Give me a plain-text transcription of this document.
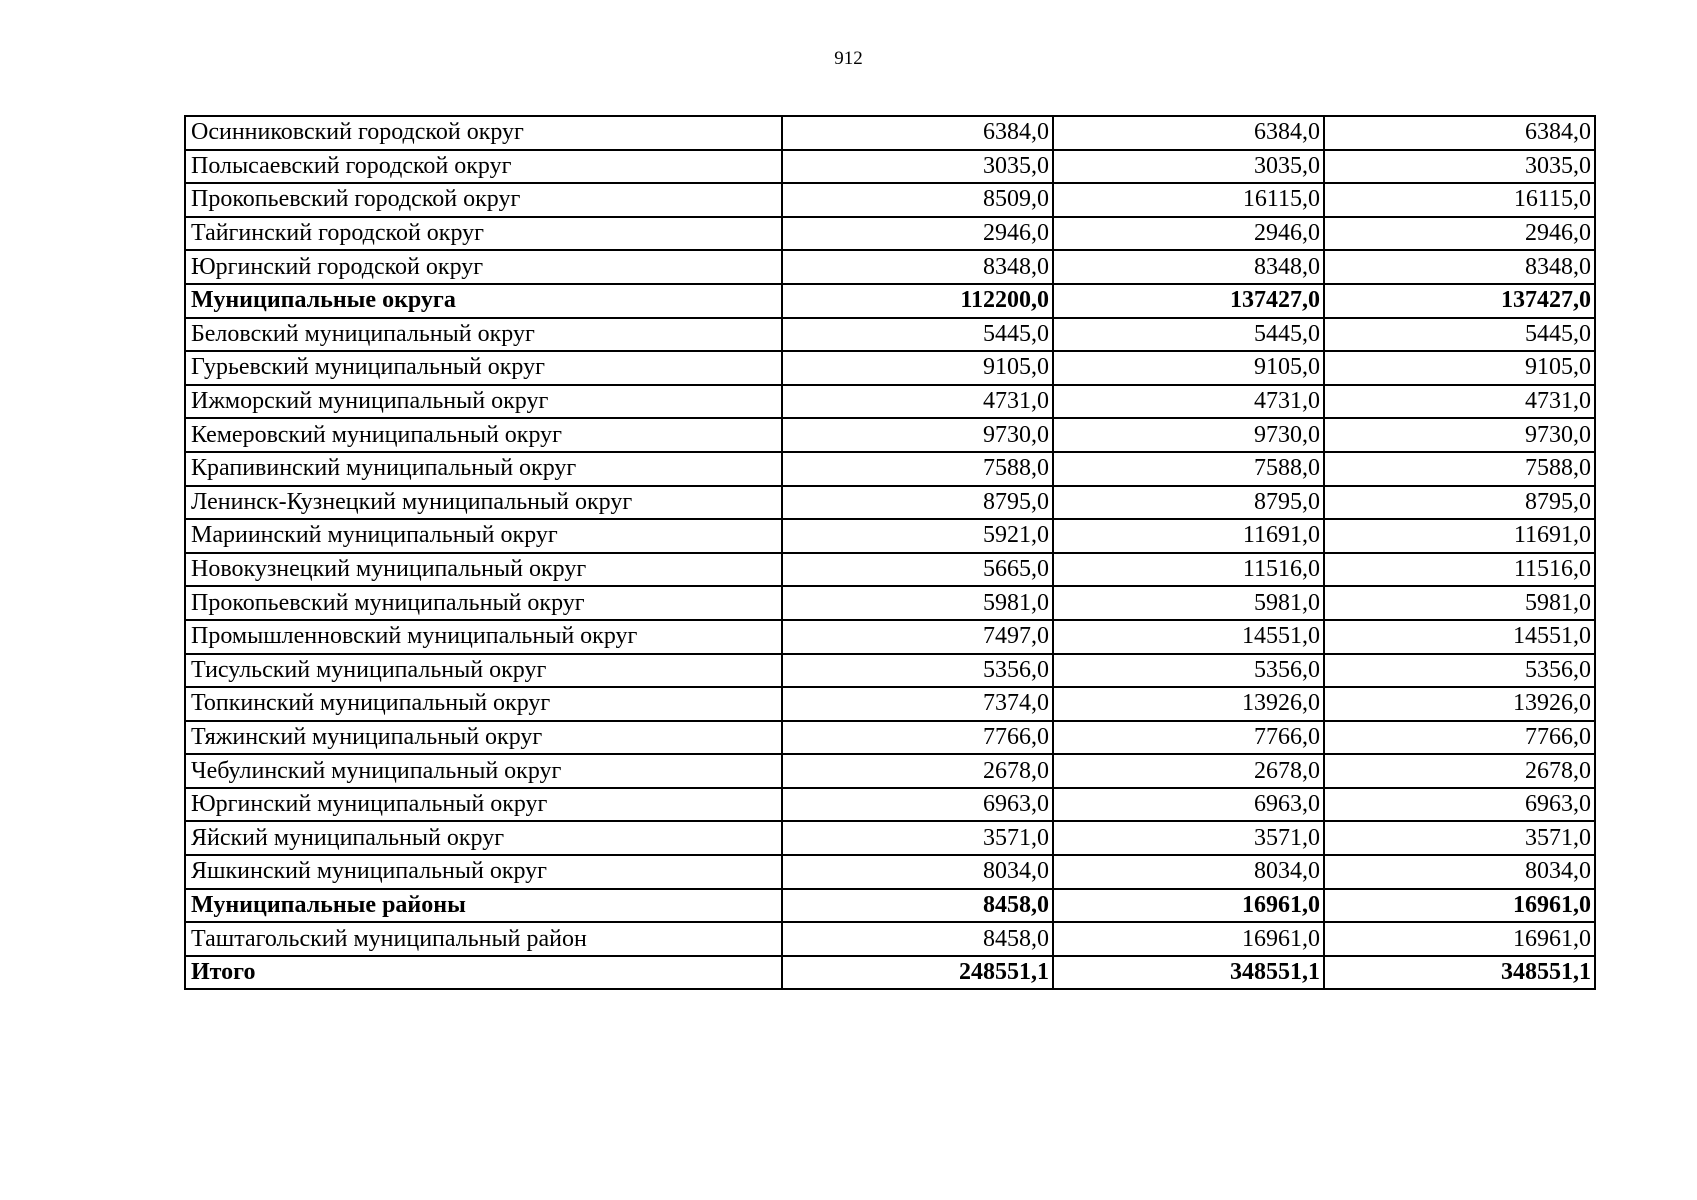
912
Осинниковский городской округ	6384,0	6384,0	6384,0
Полысаевский городской округ	3035,0	3035,0	3035,0
Прокопьевский городской округ	8509,0	16115,0	16115,0
Тайгинский городской округ	2946,0	2946,0	2946,0
Юргинский городской округ	8348,0	8348,0	8348,0
Муниципальные округа	112200,0	137427,0	137427,0
Беловский муниципальный округ	5445,0	5445,0	5445,0
Гурьевский муниципальный округ	9105,0	9105,0	9105,0
Ижморский муниципальный округ	4731,0	4731,0	4731,0
Кемеровский муниципальный округ	9730,0	9730,0	9730,0
Крапивинский муниципальный округ	7588,0	7588,0	7588,0
Ленинск-Кузнецкий муниципальный округ	8795,0	8795,0	8795,0
Мариинский муниципальный округ	5921,0	11691,0	11691,0
Новокузнецкий муниципальный округ	5665,0	11516,0	11516,0
Прокопьевский муниципальный округ	5981,0	5981,0	5981,0
Промышленновский муниципальный округ	7497,0	14551,0	14551,0
Тисульский муниципальный округ	5356,0	5356,0	5356,0
Топкинский муниципальный округ	7374,0	13926,0	13926,0
Тяжинский муниципальный округ	7766,0	7766,0	7766,0
Чебулинский муниципальный округ	2678,0	2678,0	2678,0
Юргинский муниципальный округ	6963,0	6963,0	6963,0
Яйский муниципальный округ	3571,0	3571,0	3571,0
Яшкинский муниципальный округ	8034,0	8034,0	8034,0
Муниципальные районы	8458,0	16961,0	16961,0
Таштагольский муниципальный район	8458,0	16961,0	16961,0
Итого	248551,1	348551,1	348551,1
